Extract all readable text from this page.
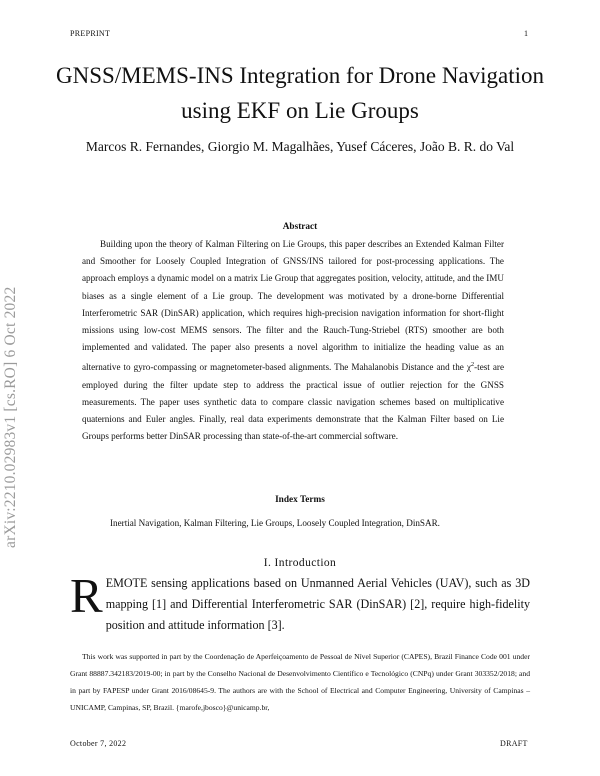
PREPRINT	1
arXiv:2210.02983v1 [cs.RO] 6 Oct 2022
GNSS/MEMS-INS Integration for Drone Navigation using EKF on Lie Groups
Marcos R. Fernandes, Giorgio M. Magalhães, Yusef Cáceres, João B. R. do Val
Abstract
Building upon the theory of Kalman Filtering on Lie Groups, this paper describes an Extended Kalman Filter and Smoother for Loosely Coupled Integration of GNSS/INS tailored for post-processing applications. The approach employs a dynamic model on a matrix Lie Group that aggregates position, velocity, attitude, and the IMU biases as a single element of a Lie group. The development was motivated by a drone-borne Differential Interferometric SAR (DinSAR) application, which requires high-precision navigation information for short-flight missions using low-cost MEMS sensors. The filter and the Rauch-Tung-Striebel (RTS) smoother are both implemented and validated. The paper also presents a novel algorithm to initialize the heading value as an alternative to gyro-compassing or magnetometer-based alignments. The Mahalanobis Distance and the $\chi^2$-test are employed during the filter update step to address the practical issue of outlier rejection for the GNSS measurements. The paper uses synthetic data to compare classic navigation schemes based on multiplicative quaternions and Euler angles. Finally, real data experiments demonstrate that the Kalman Filter based on Lie Groups performs better DinSAR processing than state-of-the-art commercial software.
Index Terms
Inertial Navigation, Kalman Filtering, Lie Groups, Loosely Coupled Integration, DinSAR.
I. Introduction
REMOTE sensing applications based on Unmanned Aerial Vehicles (UAV), such as 3D mapping [1] and Differential Interferometric SAR (DinSAR) [2], require high-fidelity position and attitude information [3].
This work was supported in part by the Coordenação de Aperfeiçoamento de Pessoal de Nível Superior (CAPES), Brazil Finance Code 001 under Grant 88887.342183/2019-00; in part by the Conselho Nacional de Desenvolvimento Científico e Tecnológico (CNPq) under Grant 303352/2018; and in part by FAPESP under Grant 2016/08645-9. The authors are with the School of Electrical and Computer Engineering, University of Campinas – UNICAMP, Campinas, SP, Brazil. {marofe,jbosco}@unicamp.br,
October 7, 2022	DRAFT
